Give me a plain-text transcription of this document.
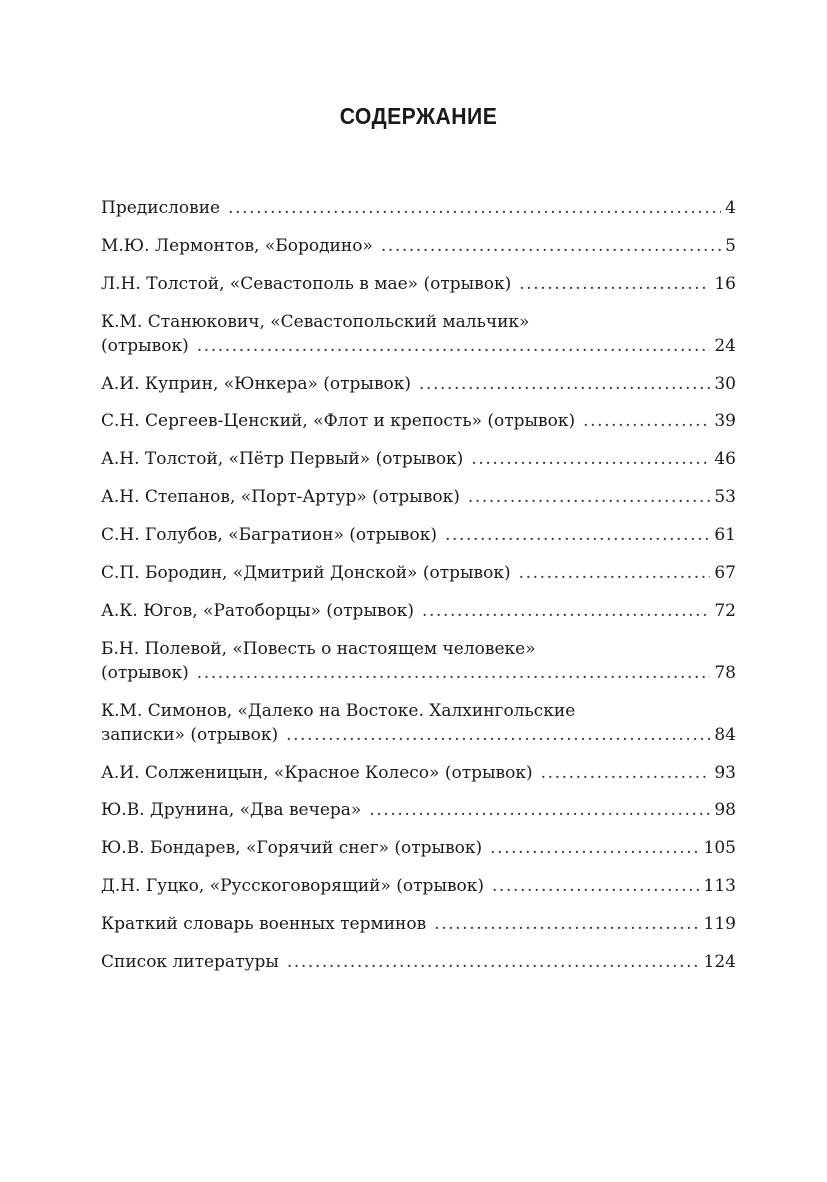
СОДЕРЖАНИЕ
Предисловие .....	4
М.Ю. Лермонтов, «Бородино» .....	5
Л.Н. Толстой, «Севастополь в мае» (отрывок) .....	16
К.М. Станюкович, «Севастопольский мальчик»
(отрывок) .....	24
А.И. Куприн, «Юнкера» (отрывок) .....	30
С.Н. Сергеев-Ценский, «Флот и крепость» (отрывок) .....	39
А.Н. Толстой, «Пётр Первый» (отрывок) .....	46
А.Н. Степанов, «Порт-Артур» (отрывок) .....	53
С.Н. Голубов, «Багратион» (отрывок) .....	61
С.П. Бородин, «Дмитрий Донской» (отрывок) .....	67
А.К. Югов, «Ратоборцы» (отрывок) .....	72
Б.Н. Полевой, «Повесть о настоящем человеке»
(отрывок) .....	78
К.М. Симонов, «Далеко на Востоке. Халхингольские
записки» (отрывок) .....	84
А.И. Солженицын, «Красное Колесо» (отрывок) .....	93
Ю.В. Друнина, «Два вечера» .....	98
Ю.В. Бондарев, «Горячий снег» (отрывок) .....	105
Д.Н. Гуцко, «Русскоговорящий» (отрывок) .....	113
Краткий словарь военных терминов .....	119
Список литературы .....	124
